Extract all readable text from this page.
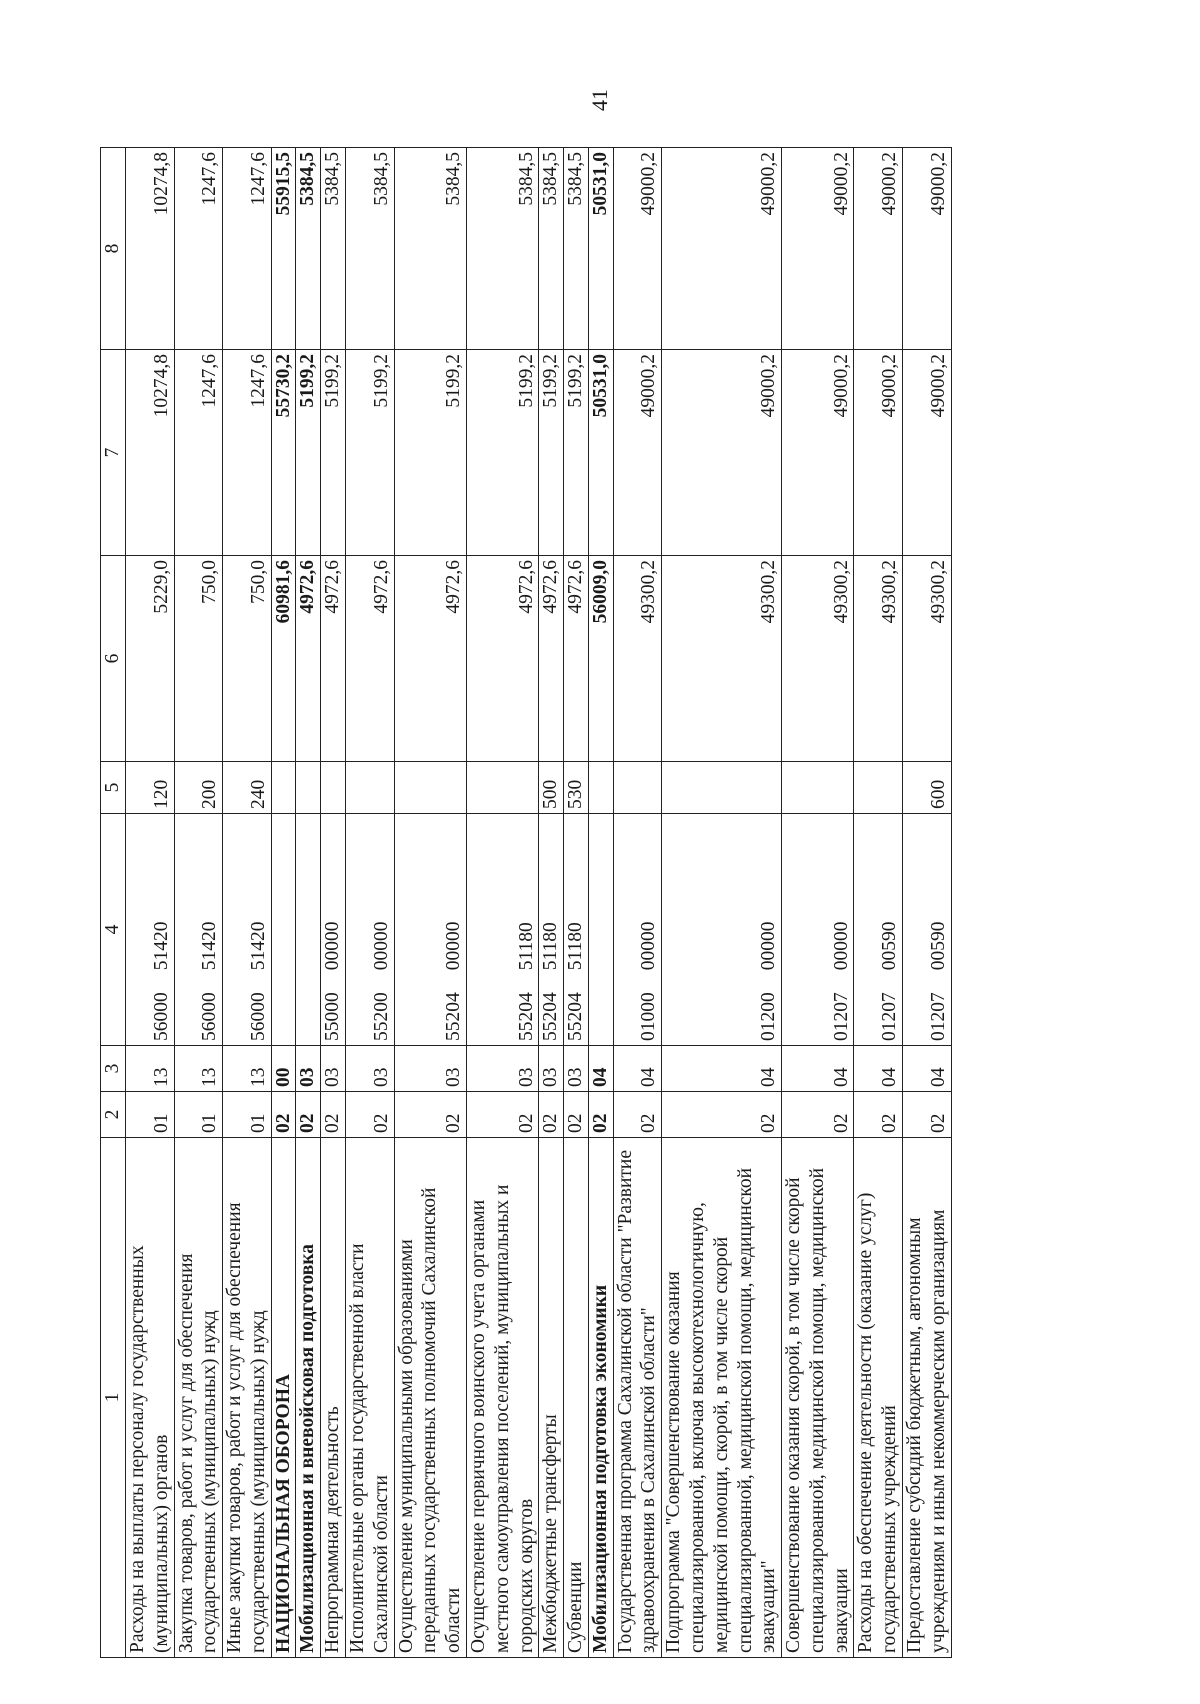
1	2	3	4	5	6	7	8
Расходы на выплаты персоналу государственных (муниципальных) органов	01	13	5600051420	120	5229,0	10274,8	10274,8
Закупка товаров, работ и услуг для обеспечения государственных (муниципальных) нужд	01	13	5600051420	200	750,0	1247,6	1247,6
Иные закупки товаров, работ и услуг для обеспечения государственных (муниципальных) нужд	01	13	5600051420	240	750,0	1247,6	1247,6
НАЦИОНАЛЬНАЯ ОБОРОНА	02	00			60981,6	55730,2	55915,5
Мобилизационная и вневойсковая подготовка	02	03			4972,6	5199,2	5384,5
Непрограммная деятельность	02	03	5500000000		4972,6	5199,2	5384,5
Исполнительные органы государственной власти Сахалинской области	02	03	5520000000		4972,6	5199,2	5384,5
Осуществление муниципальными образованиями переданных государственных полномочий Сахалинской области	02	03	5520400000		4972,6	5199,2	5384,5
Осуществление первичного воинского учета органами местного самоуправления поселений, муниципальных и городских округов	02	03	5520451180		4972,6	5199,2	5384,5
Межбюджетные трансферты	02	03	5520451180	500	4972,6	5199,2	5384,5
Субвенции	02	03	5520451180	530	4972,6	5199,2	5384,5
Мобилизационная подготовка экономики	02	04			56009,0	50531,0	50531,0
Государственная программа Сахалинской области "Развитие здравоохранения в Сахалинской области"	02	04	0100000000		49300,2	49000,2	49000,2
Подпрограмма "Совершенствование оказания специализированной, включая высокотехнологичную, медицинской помощи, скорой, в том числе скорой специализированной, медицинской помощи, медицинской эвакуации"	02	04	0120000000		49300,2	49000,2	49000,2
Совершенствование оказания скорой, в том числе скорой специализированной, медицинской помощи, медицинской эвакуации	02	04	0120700000		49300,2	49000,2	49000,2
Расходы на обеспечение деятельности (оказание услуг) государственных учреждений	02	04	0120700590		49300,2	49000,2	49000,2
Предоставление субсидий бюджетным, автономным учреждениям и иным некоммерческим организациям	02	04	0120700590	600	49300,2	49000,2	49000,2
41
